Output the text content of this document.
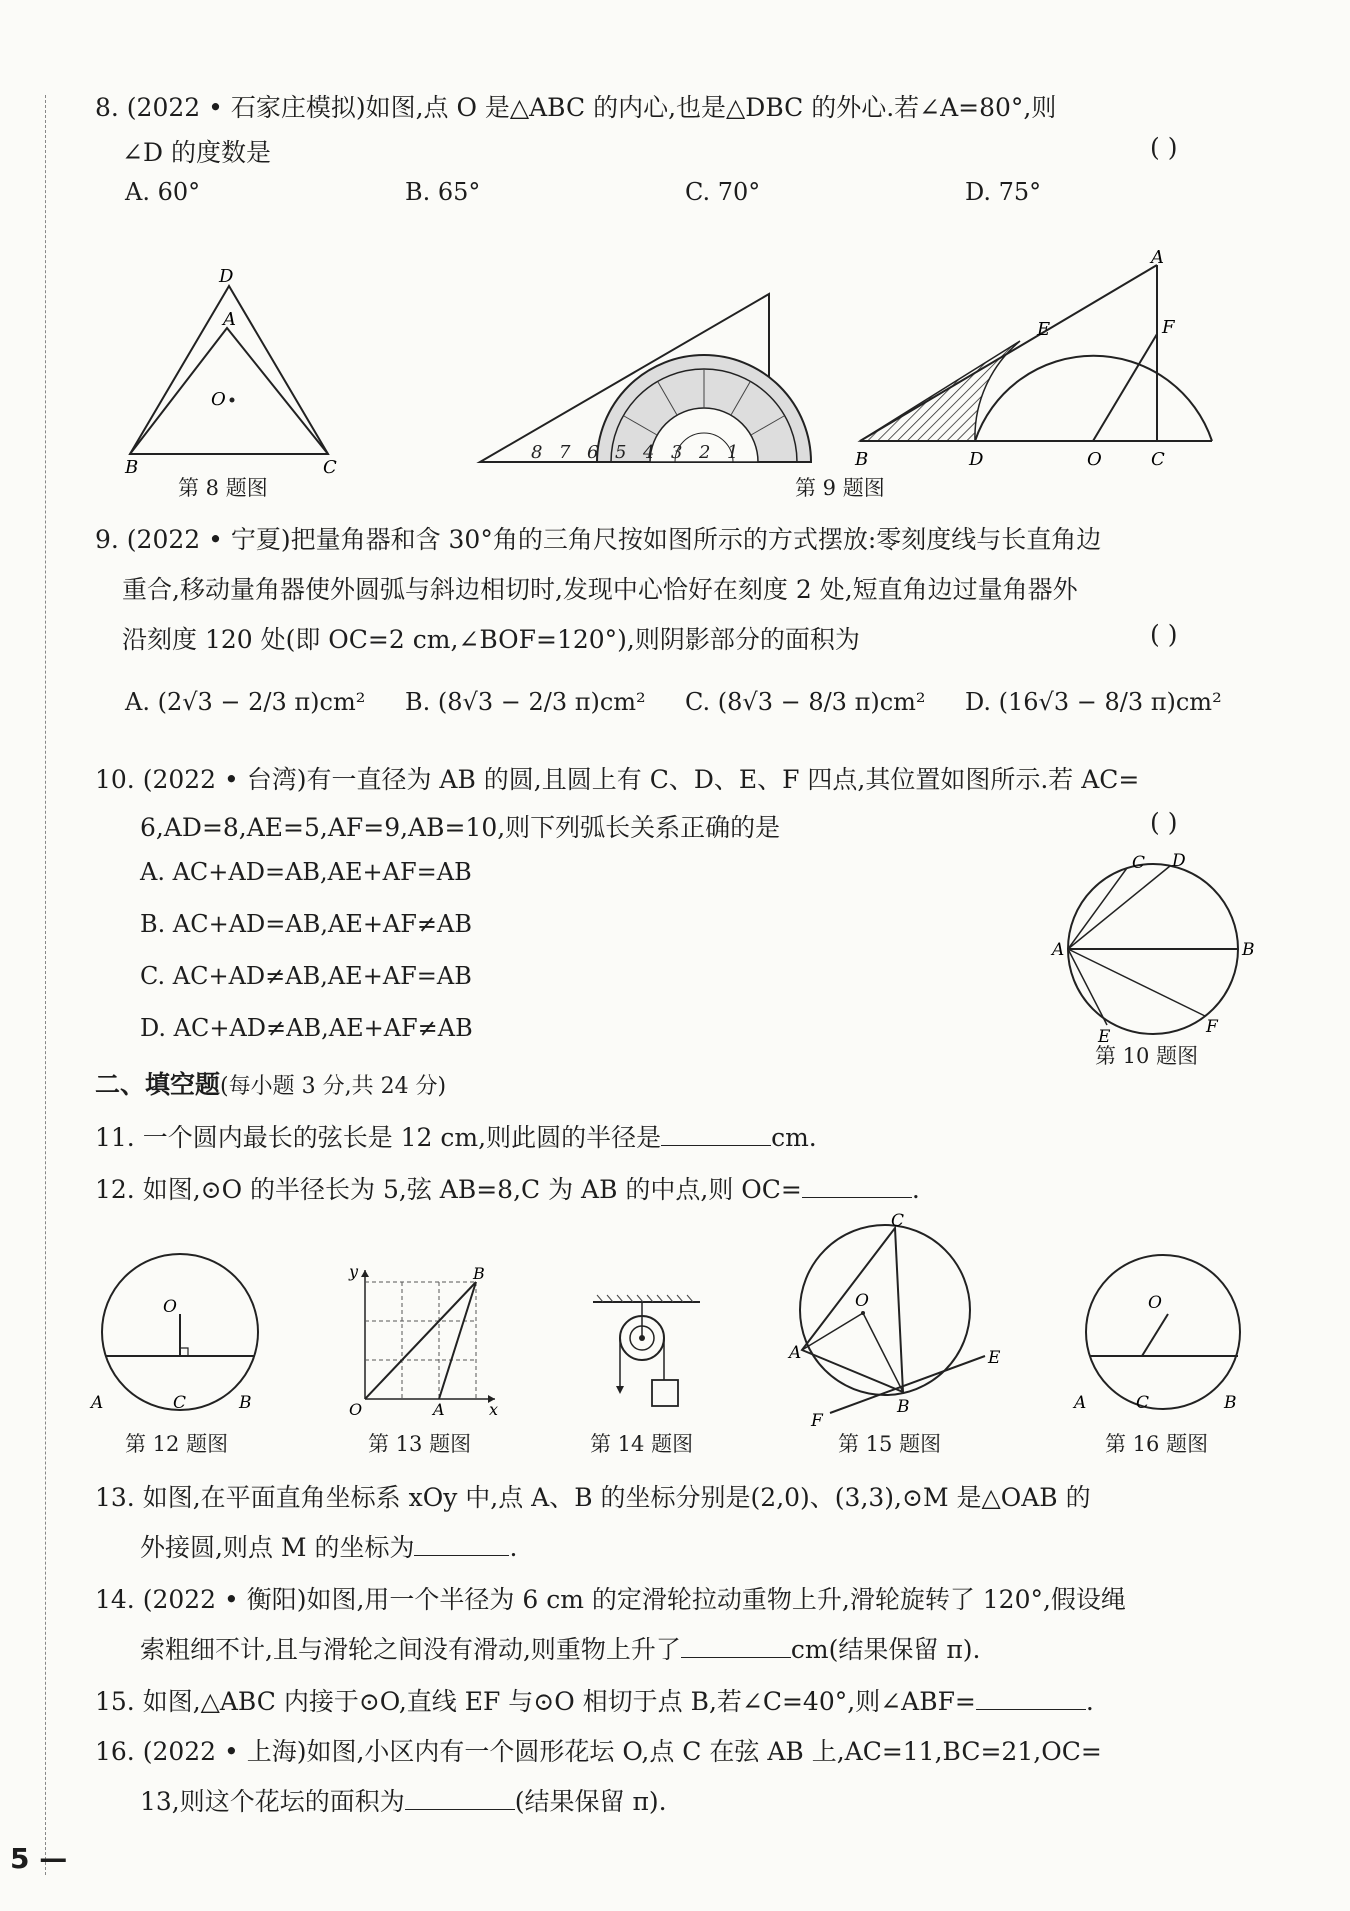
8. (2022 • 石家庄模拟)如图,点 O 是△ABC 的内心,也是△DBC 的外心.若∠A=80°,则
∠D 的度数是	( )
A. 60°	B. 65°	C. 70°	D. 75°
D
A
O
B	C
第 8 题图
8 7 6 5 4 3 2 1
A
E	F
B	D	O	C
第 9 题图
9. (2022 • 宁夏)把量角器和含 30°角的三角尺按如图所示的方式摆放:零刻度线与长直角边
重合,移动量角器使外圆弧与斜边相切时,发现中心恰好在刻度 2 处,短直角边过量角器外
沿刻度 120 处(即 OC=2 cm,∠BOF=120°),则阴影部分的面积为	( )
A. (2√3 − 2/3 π)cm² B. (8√3 − 2/3 π)cm² C. (8√3 − 8/3 π)cm² D. (16√3 − 8/3 π)cm²
10. (2022 • 台湾)有一直径为 AB 的圆,且圆上有 C、D、E、F 四点,其位置如图所示.若 AC=
6,AD=8,AE=5,AF=9,AB=10,则下列弧长关系正确的是	( )
A. AC+AD=AB,AE+AF=AB
B. AC+AD=AB,AE+AF≠AB
C. AC+AD≠AB,AE+AF=AB
D. AC+AD≠AB,AE+AF≠AB
C D
A	B
E	F
第 10 题图
二、填空题(每小题 3 分,共 24 分)
11. 一个圆内最长的弦长是 12 cm,则此圆的半径是	cm.
12. 如图,⊙O 的半径长为 5,弦 AB=8,C 为 AB 的中点,则 OC=	.
O
A	C	B
第 12 题图
y	B
O	A	x
第 13 题图	第 14 题图
C
O
A
B
E
F
第 15 题图
O
A	C	B
第 16 题图
13. 如图,在平面直角坐标系 xOy 中,点 A、B 的坐标分别是(2,0)、(3,3),⊙M 是△OAB 的
外接圆,则点 M 的坐标为	.
14. (2022 • 衡阳)如图,用一个半径为 6 cm 的定滑轮拉动重物上升,滑轮旋转了 120°,假设绳
索粗细不计,且与滑轮之间没有滑动,则重物上升了	cm(结果保留 π).
15. 如图,△ABC 内接于⊙O,直线 EF 与⊙O 相切于点 B,若∠C=40°,则∠ABF=	.
16. (2022 • 上海)如图,小区内有一个圆形花坛 O,点 C 在弦 AB 上,AC=11,BC=21,OC=
13,则这个花坛的面积为	(结果保留 π).
5 —
